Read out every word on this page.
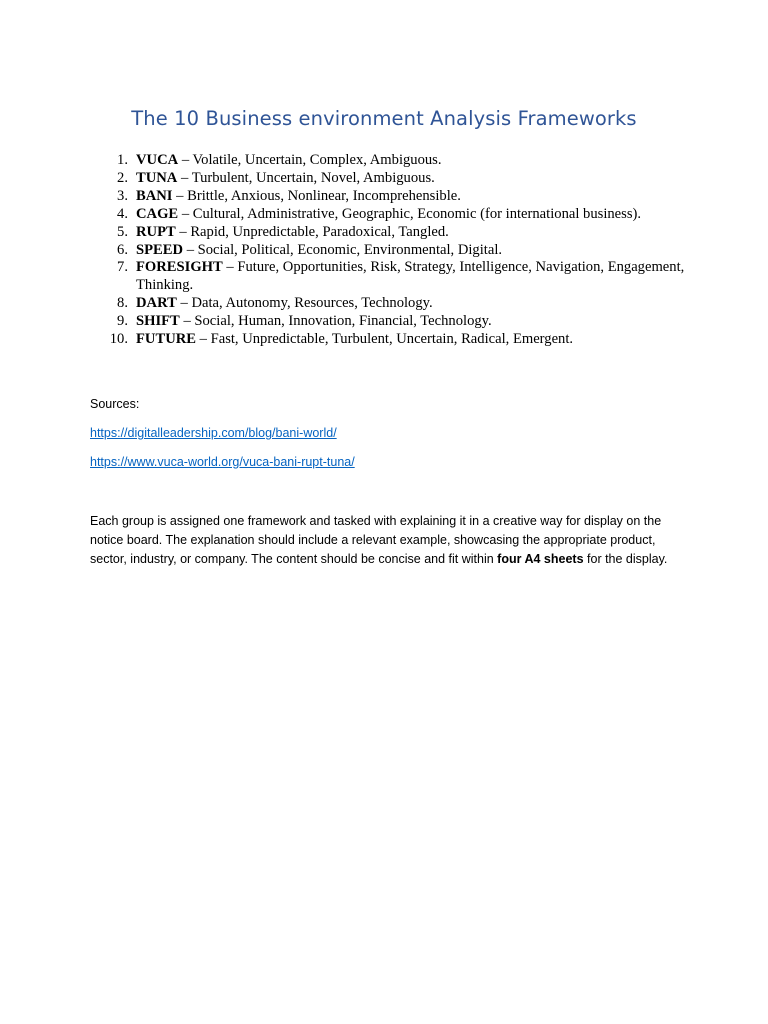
The 10 Business environment Analysis Frameworks
1. VUCA – Volatile, Uncertain, Complex, Ambiguous.
2. TUNA – Turbulent, Uncertain, Novel, Ambiguous.
3. BANI – Brittle, Anxious, Nonlinear, Incomprehensible.
4. CAGE – Cultural, Administrative, Geographic, Economic (for international business).
5. RUPT – Rapid, Unpredictable, Paradoxical, Tangled.
6. SPEED – Social, Political, Economic, Environmental, Digital.
7. FORESIGHT – Future, Opportunities, Risk, Strategy, Intelligence, Navigation, Engagement, Thinking.
8. DART – Data, Autonomy, Resources, Technology.
9. SHIFT – Social, Human, Innovation, Financial, Technology.
10. FUTURE – Fast, Unpredictable, Turbulent, Uncertain, Radical, Emergent.

Sources:

https://digitalleadership.com/blog/bani-world/
https://www.vuca-world.org/vuca-bani-rupt-tuna/

Each group is assigned one framework and tasked with explaining it in a creative way for display on the notice board. The explanation should include a relevant example, showcasing the appropriate product, sector, industry, or company. The content should be concise and fit within four A4 sheets for the display.
